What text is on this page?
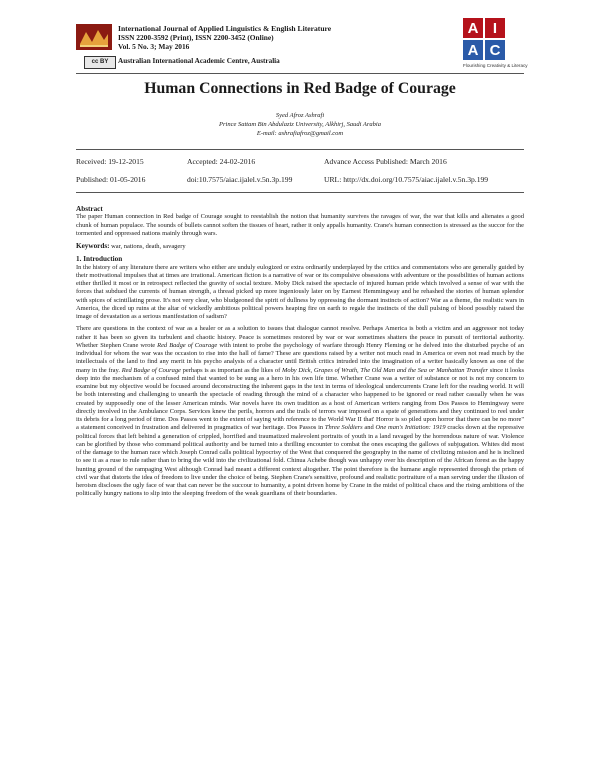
cc BY
International Journal of Applied Linguistics & English Literature
ISSN 2200-3592 (Print), ISSN 2200-3452 (Online)
Vol. 5 No. 3; May 2016
Australian International Academic Centre, Australia
A I
A C
Flourishing Creativity & Literacy
Human Connections in Red Badge of Courage
Syed Afroz Ashrafi
Prince Sattam Bin Abdulaziz University, Alkhirj, Saudi Arabia
E-mail: ashrafiafroz@gmail.com
Received: 19-12-2015	Accepted: 24-02-2016	Advance Access Published: March 2016
Published: 01-05-2016	doi:10.7575/aiac.ijalel.v.5n.3p.199	URL: http://dx.doi.org/10.7575/aiac.ijalel.v.5n.3p.199
Abstract
The paper Human connection in Red badge of Courage sought to reestablish the notion that humanity survives the ravages of war, the war that kills and alienates a good chunk of human populace. The sounds of bullets cannot soften the tissues of heart, rather it only appalls humanity. Crane's human connection is stressed as the succor for the tormented and oppressed nations mainly through wars.
Keywords: war, nations, death, savagery
1. Introduction
In the history of any literature there are writers who either are unduly eulogized or extra ordinarily underplayed by the critics and commentators who are generally guided by their motivational impulses that at times are irrational. American fiction is a narrative of war or its compulsive obsessions with adventure or the possibilities of human actions either thrilled it most or in retrospect reflected the gravity of social texture. Moby Dick raised the spectacle of injured human pride which involved a sense of war with the forces that subdued the currents of human strength, a thread picked up more ingeniously later on by Earnest Hemmingway and he rehashed the stories of human splendor with spices of scintillating prose. It's not very clear, who bludgeoned the spirit of dullness by oppressing the dormant instincts of action? War as a theme, the realistic wars in America, the diced up ruins at the altar of wickedly ambitious political powers heaping fire on earth to regale the instincts of the dull pulsing of blood possibly raised the image of devastation as a serious manifestation of sadism?
There are questions in the context of war as a healer or as a solution to issues that dialogue cannot resolve. Perhaps America is both a victim and an aggressor not today rather it has been so given its turbulent and chaotic history. Peace is sometimes restored by war or war sometimes shatters the peace in pursuit of territorial authority. Whether Stephen Crane wrote Red Badge of Courage with intent to probe the psychology of warfare through Henry Fleming or he delved into the disturbed psyche of an individual for whom the war was the occasion to rise into the hall of fame? These are questions raised by a writer not much read in America or even not read much by the intellectuals of the land to find any merit in his psycho analysis of a character until British critics intruded into the imagination of a writer basically known as one of the many in the fray. Red Badge of Courage perhaps is as important as the likes of Moby Dick, Grapes of Wrath, The Old Man and the Sea or Manhattan Transfer since it looks deep into the mechanism of a confused mind that wanted to be sung as a hero in his own life time. Whether Crane was a writer of substance or not is not my concern to examine but my objective would be focused around deconstructing the inherent gaps in the text in terms of ideological undercurrents Crane left for the reading world. It will be both interesting and challenging to unearth the spectacle of reading through the mind of a character who happened to be ignored or read rather casually when he was created by supposedly one of the lesser American minds. War novels have its own tradition as a host of American writers ranging from Dos Passos to Hemingway were directly involved in the Ambulance Corps. Services knew the perils, horrors and the trails of terrors war imposed on a spate of generations and they continued to reel under its debris for a long period of time. Dos Passos went to the extent of saying with reference to the World War II that' Horror is so piled upon horror that there can be no more" a statement conceived in frustration and delivered in pragmatics of war heritage. Dos Passos in Three Soldiers and One man's Initiation: 1919 cracks down at the repressive political forces that left behind a generation of crippled, horrified and traumatized malevolent portraits of youth in a land ravaged by the horrendous nature of war. Violence can be glorified by those who command political authority and be turned into a thrilling encounter to combat the ones escaping the gallows of subjugation. Whites did most of the damage to the human race which Joseph Conrad calls political hypocrisy of the West that conquered the geography in the name of civilizing mission and he is inclined to see it as a ruse to rule rather than to bring the wild into the civilizational fold. Chinua Achebe though was unhappy over his description of the African forest as the happy hunting ground of the rampaging West although Conrad had meant a different context altogether. The point therefore is the humane angle represented through the prism of civil war that distorts the idea of freedom to live under the choice of being. Stephen Crane's sensitive, profound and realistic portraiture of a man serving under the illusion of heroism discloses the ugly face of war that can never be the succour to humanity, a point driven home by Crane in the midst of political chaos and the rising ambitions of the politically hungry nations to slip into the sleeping freedom of the weak guardians of their boundaries.
